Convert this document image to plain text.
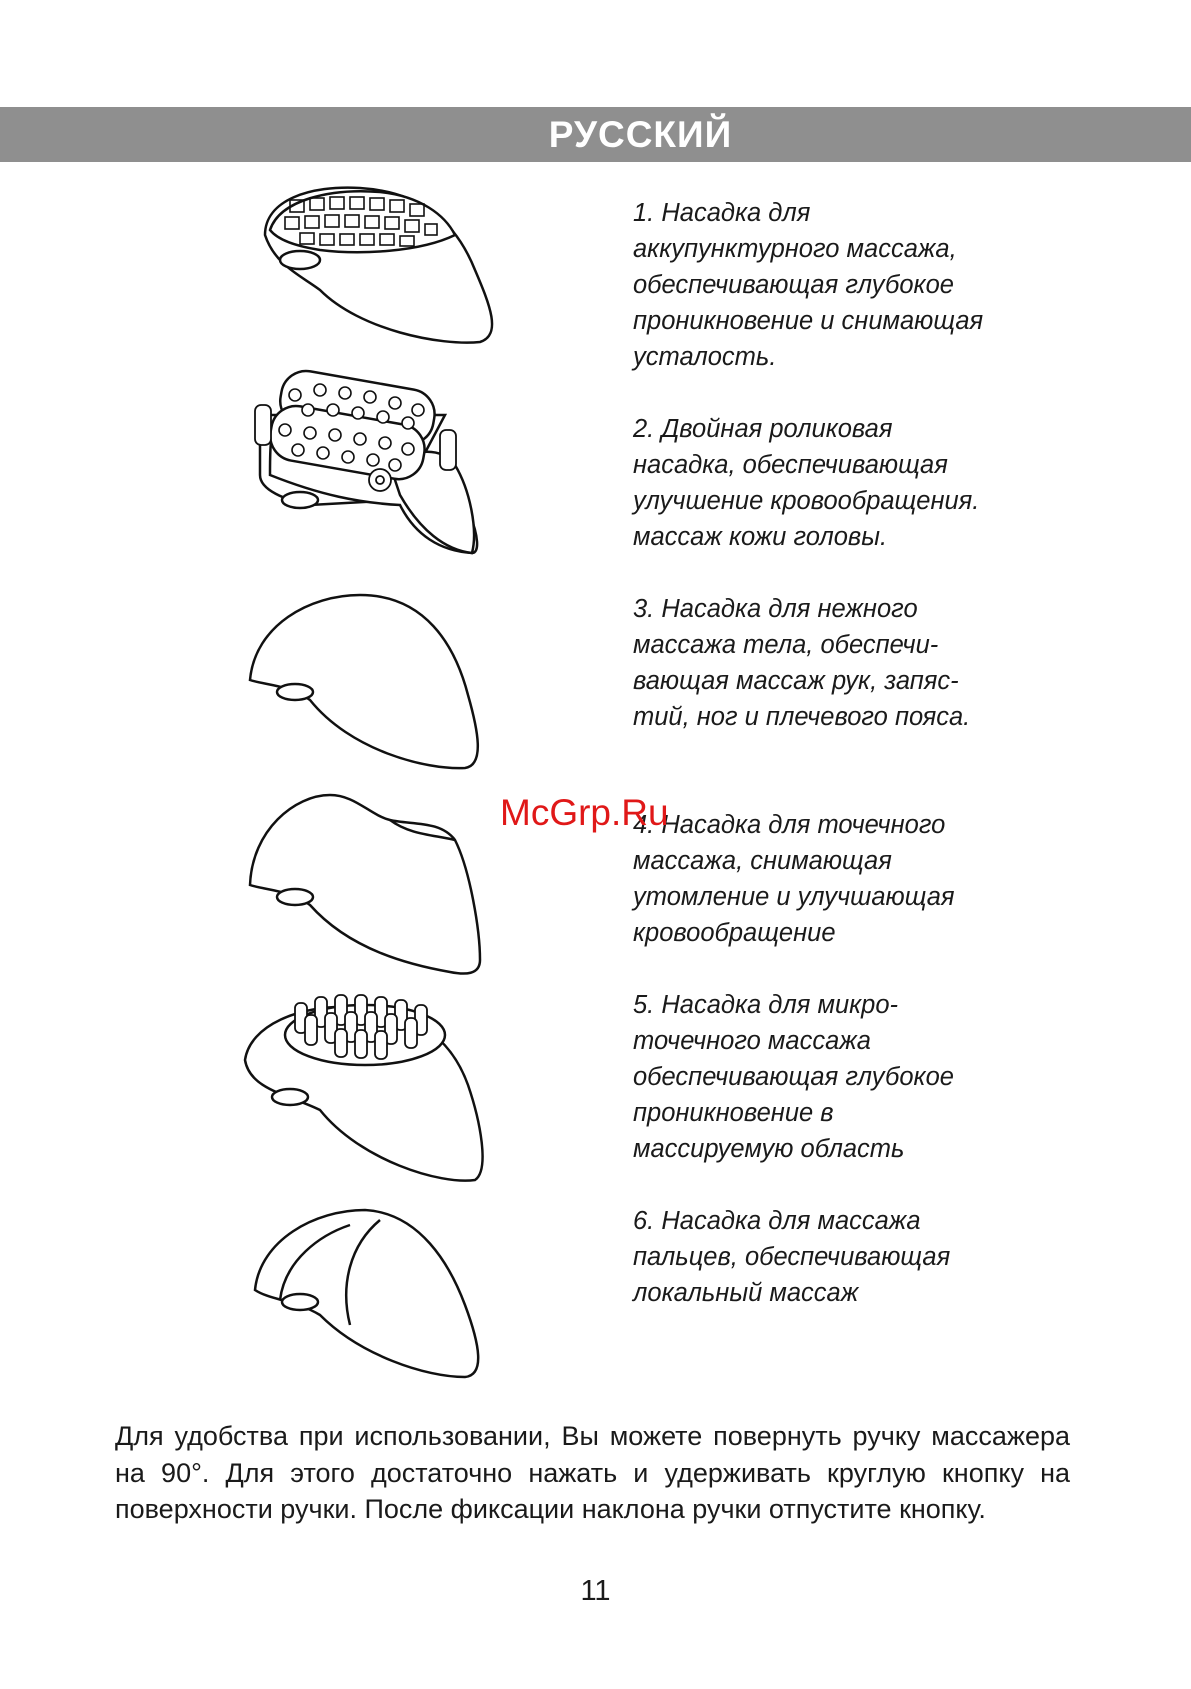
РУССКИЙ
1. Насадка для
аккупунктурного массажа,
обеспечивающая глубокое
проникновение и снимающая
усталость.
2. Двойная роликовая
насадка, обеспечивающая
улучшение кровообращения.
массаж кожи головы.
3. Насадка для нежного
массажа тела, обеспечи-
вающая массаж рук, запяс-
тий, ног и плечевого пояса.
4. Насадка для точечного
массажа, снимающая
утомление и улучшающая
кровообращение
5. Насадка для микро-
точечного массажа
обеспечивающая глубокое
проникновение в
массируемую область
6. Насадка для массажа
пальцев, обеспечивающая
локальный массаж
McGrp.Ru
Для удобства при использовании, Вы можете повернуть ручку массажера на 90°. Для этого достаточно нажать и удерживать круглую кнопку на поверхности ручки. После фиксации наклона ручки отпустите кнопку.
11
